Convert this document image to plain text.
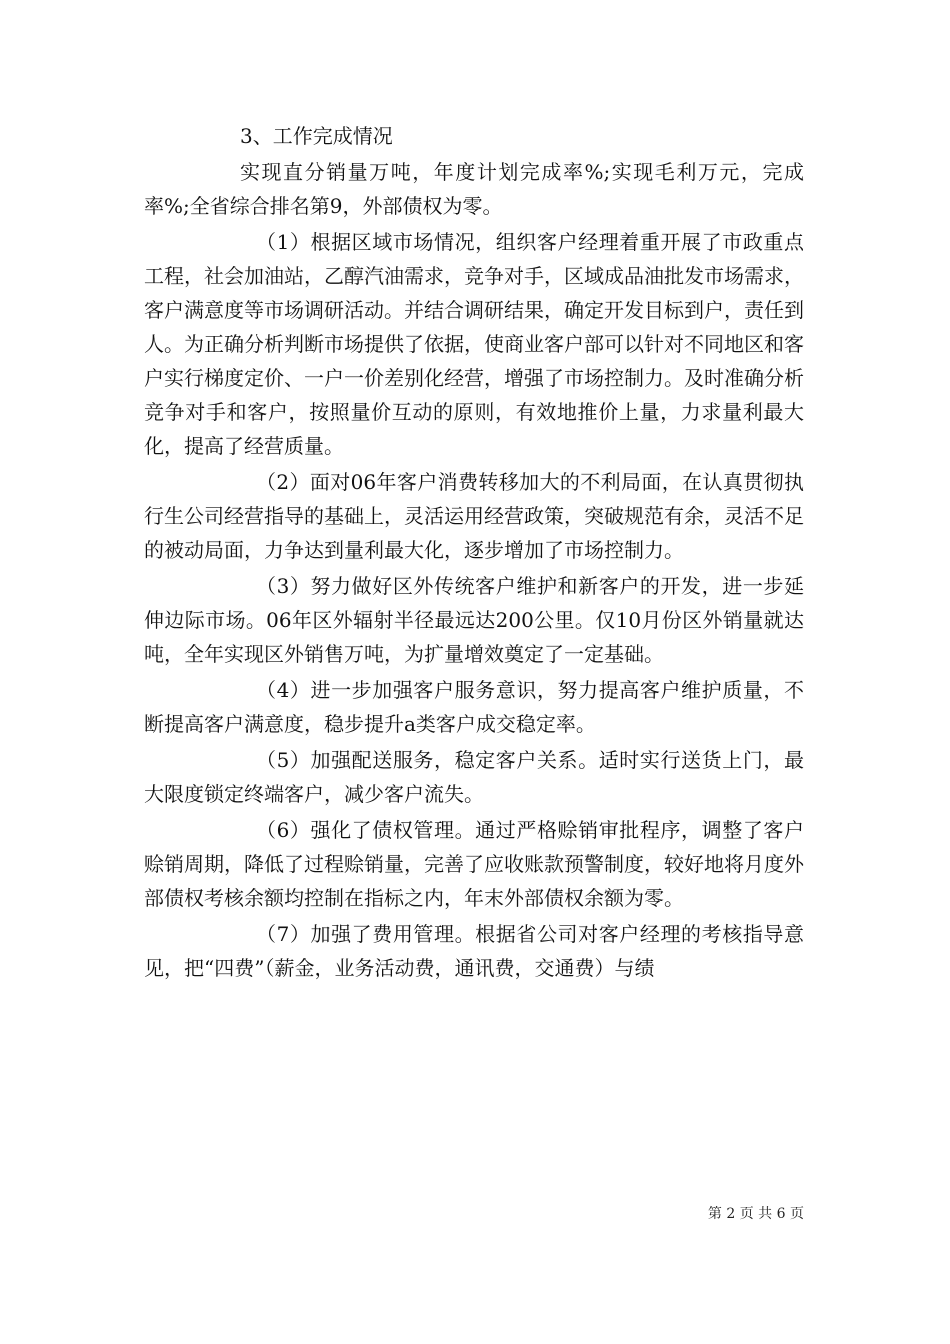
3、工作完成情况

实现直分销量万吨，年度计划完成率%;实现毛利万元，完成率%;全省综合排名第9，外部债权为零。

（1）根据区域市场情况，组织客户经理着重开展了市政重点工程，社会加油站，乙醇汽油需求，竞争对手，区域成品油批发市场需求，客户满意度等市场调研活动。并结合调研结果，确定开发目标到户，责任到人。为正确分析判断市场提供了依据，使商业客户部可以针对不同地区和客户实行梯度定价、一户一价差别化经营，增强了市场控制力。及时准确分析竞争对手和客户，按照量价互动的原则，有效地推价上量，力求量利最大化，提高了经营质量。

（2）面对06年客户消费转移加大的不利局面，在认真贯彻执行生公司经营指导的基础上，灵活运用经营政策，突破规范有余，灵活不足的被动局面，力争达到量利最大化，逐步增加了市场控制力。

（3）努力做好区外传统客户维护和新客户的开发，进一步延伸边际市场。06年区外辐射半径最远达200公里。仅10月份区外销量就达吨，全年实现区外销售万吨，为扩量增效奠定了一定基础。

（4）进一步加强客户服务意识，努力提高客户维护质量，不断提高客户满意度，稳步提升a类客户成交稳定率。

（5）加强配送服务，稳定客户关系。适时实行送货上门，最大限度锁定终端客户，减少客户流失。

（6）强化了债权管理。通过严格赊销审批程序，调整了客户赊销周期，降低了过程赊销量，完善了应收账款预警制度，较好地将月度外部债权考核余额均控制在指标之内，年末外部债权余额为零。

（7）加强了费用管理。根据省公司对客户经理的考核指导意见，把“四费”（薪金，业务活动费，通讯费，交通费）与绩

第 2 页 共 6 页
